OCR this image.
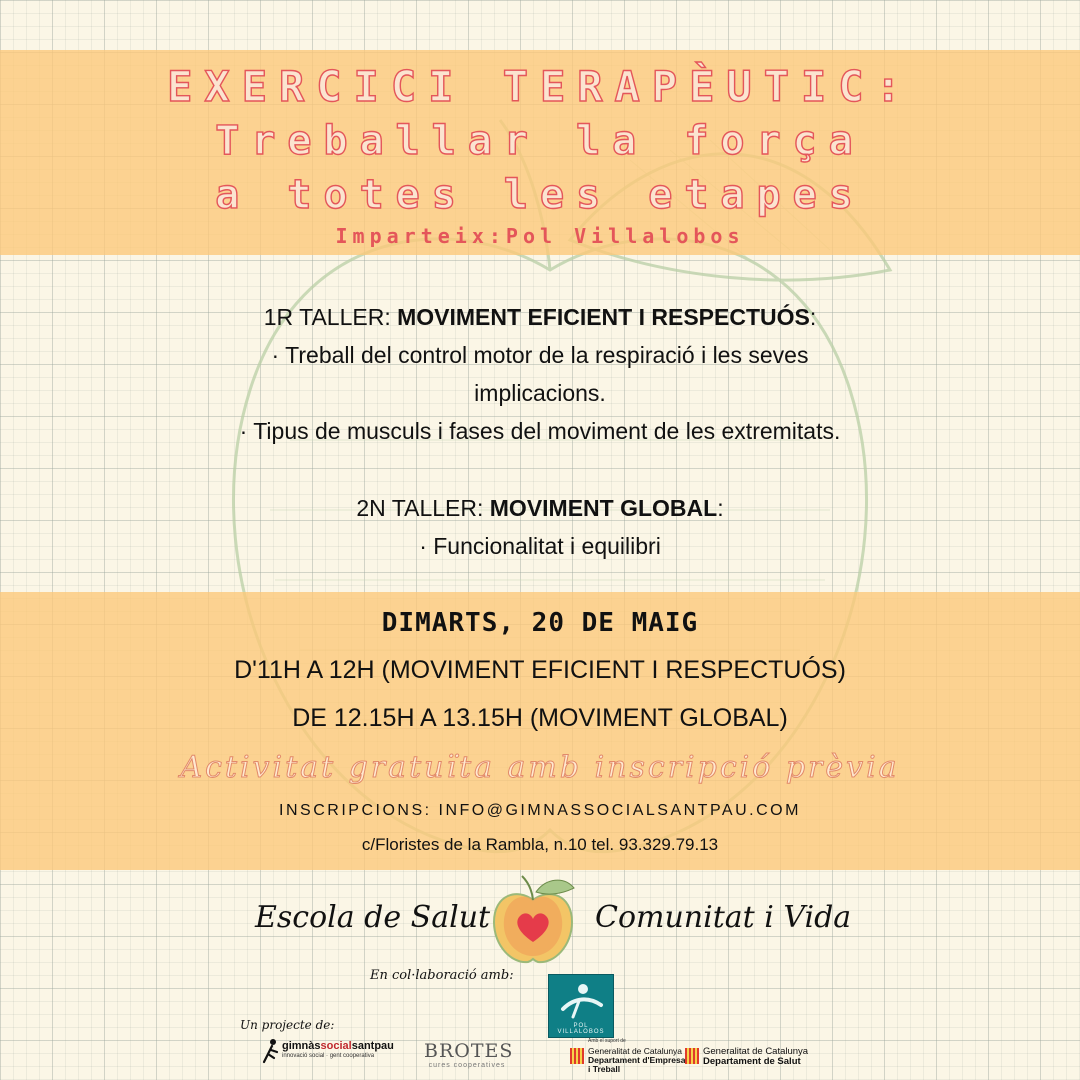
EXERCICI TERAPÈUTIC:
Treballar la força
a totes les etapes
Imparteix:Pol Villalobos
1R TALLER: MOVIMENT EFICIENT I RESPECTUÓS:
· Treball del control motor de la respiració i les seves
implicacions.
· Tipus de musculs i fases del moviment de les extremitats.
2N TALLER: MOVIMENT GLOBAL:
· Funcionalitat i equilibri
DIMARTS, 20 DE MAIG
D'11H A 12H (MOVIMENT EFICIENT I RESPECTUÓS)
DE 12.15H A 13.15H (MOVIMENT GLOBAL)
Activitat gratuïta amb inscripció prèvia
INSCRIPCIONS: INFO@GIMNASSOCIALSANTPAU.COM
c/Floristes de la Rambla, n.10 tel. 93.329.79.13
Escola de Salut	Comunitat i Vida
En col·laboració amb:
POL VILLALOBOS
Un projecte de:
gimnàssocialsantpau
innovació social · gent cooperativa	BROTES
cures cooperatives
Amb el suport de
Generalitat de Catalunya
Departament d'Empresa
i Treball
Generalitat de Catalunya
Departament de Salut
